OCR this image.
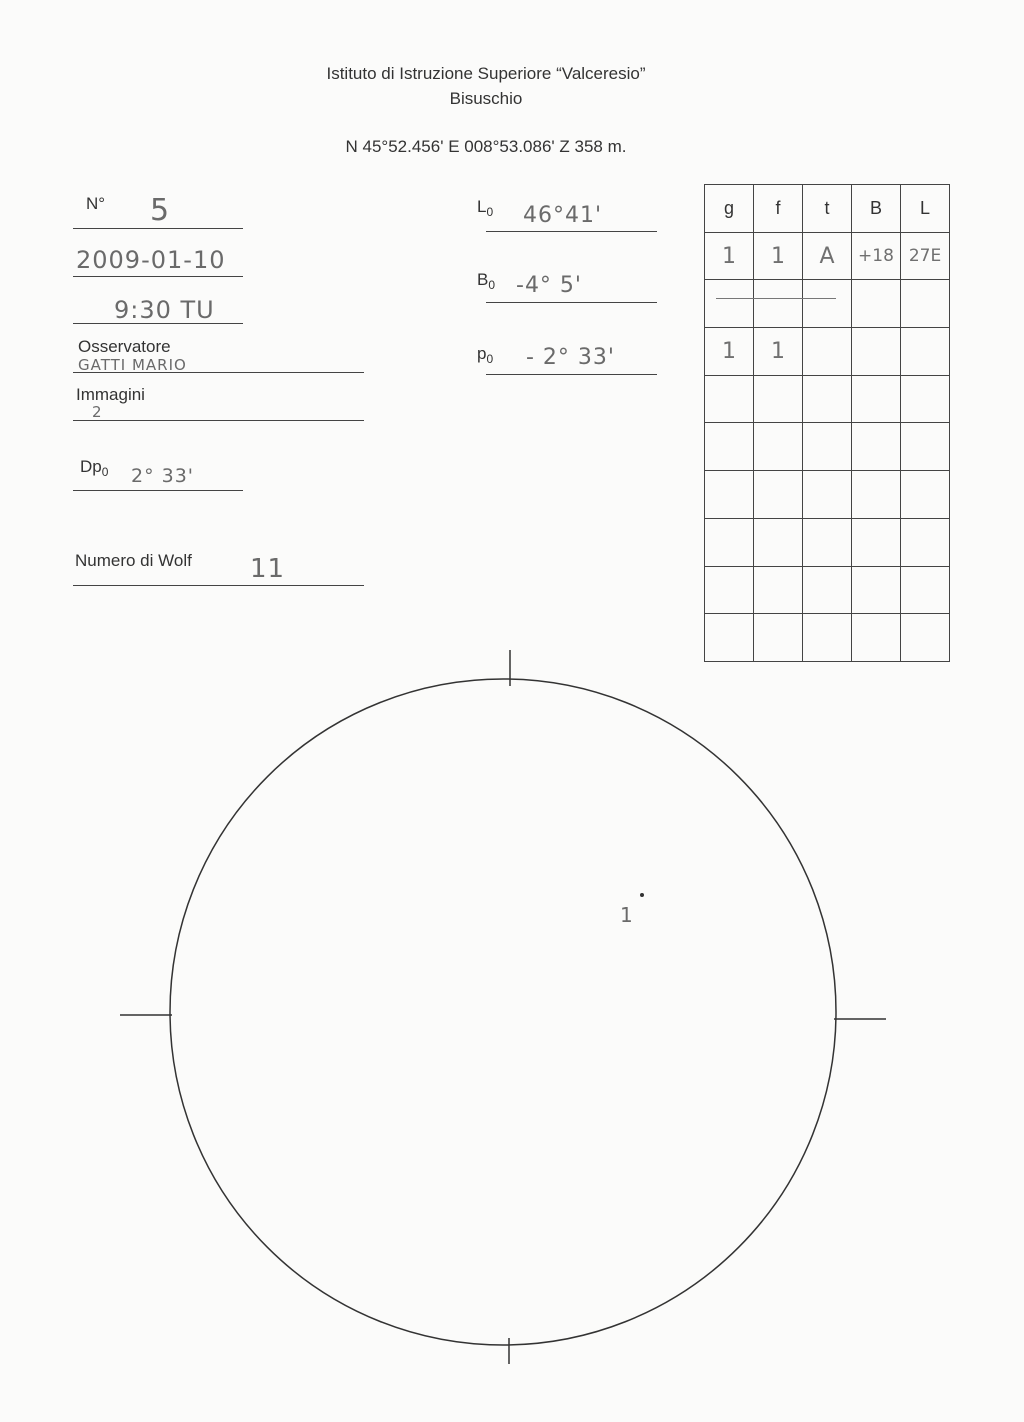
Istituto di Istruzione Superiore “Valceresio”
Bisuschio
N 45°52.456' E 008°53.086' Z 358 m.
N° 5
2009-01-10
9:30 TU
Osservatore
GATTI MARIO
Immagini
2
$Dp_0$ 2° 33'
Numero di Wolf 11
$L_0$ 46°41'
$B_0$ -4° 5'
$p_0 - 2^\circ$ 33'
g	f	t	B	L
1	1	A	+18	27E

1	1			

1
